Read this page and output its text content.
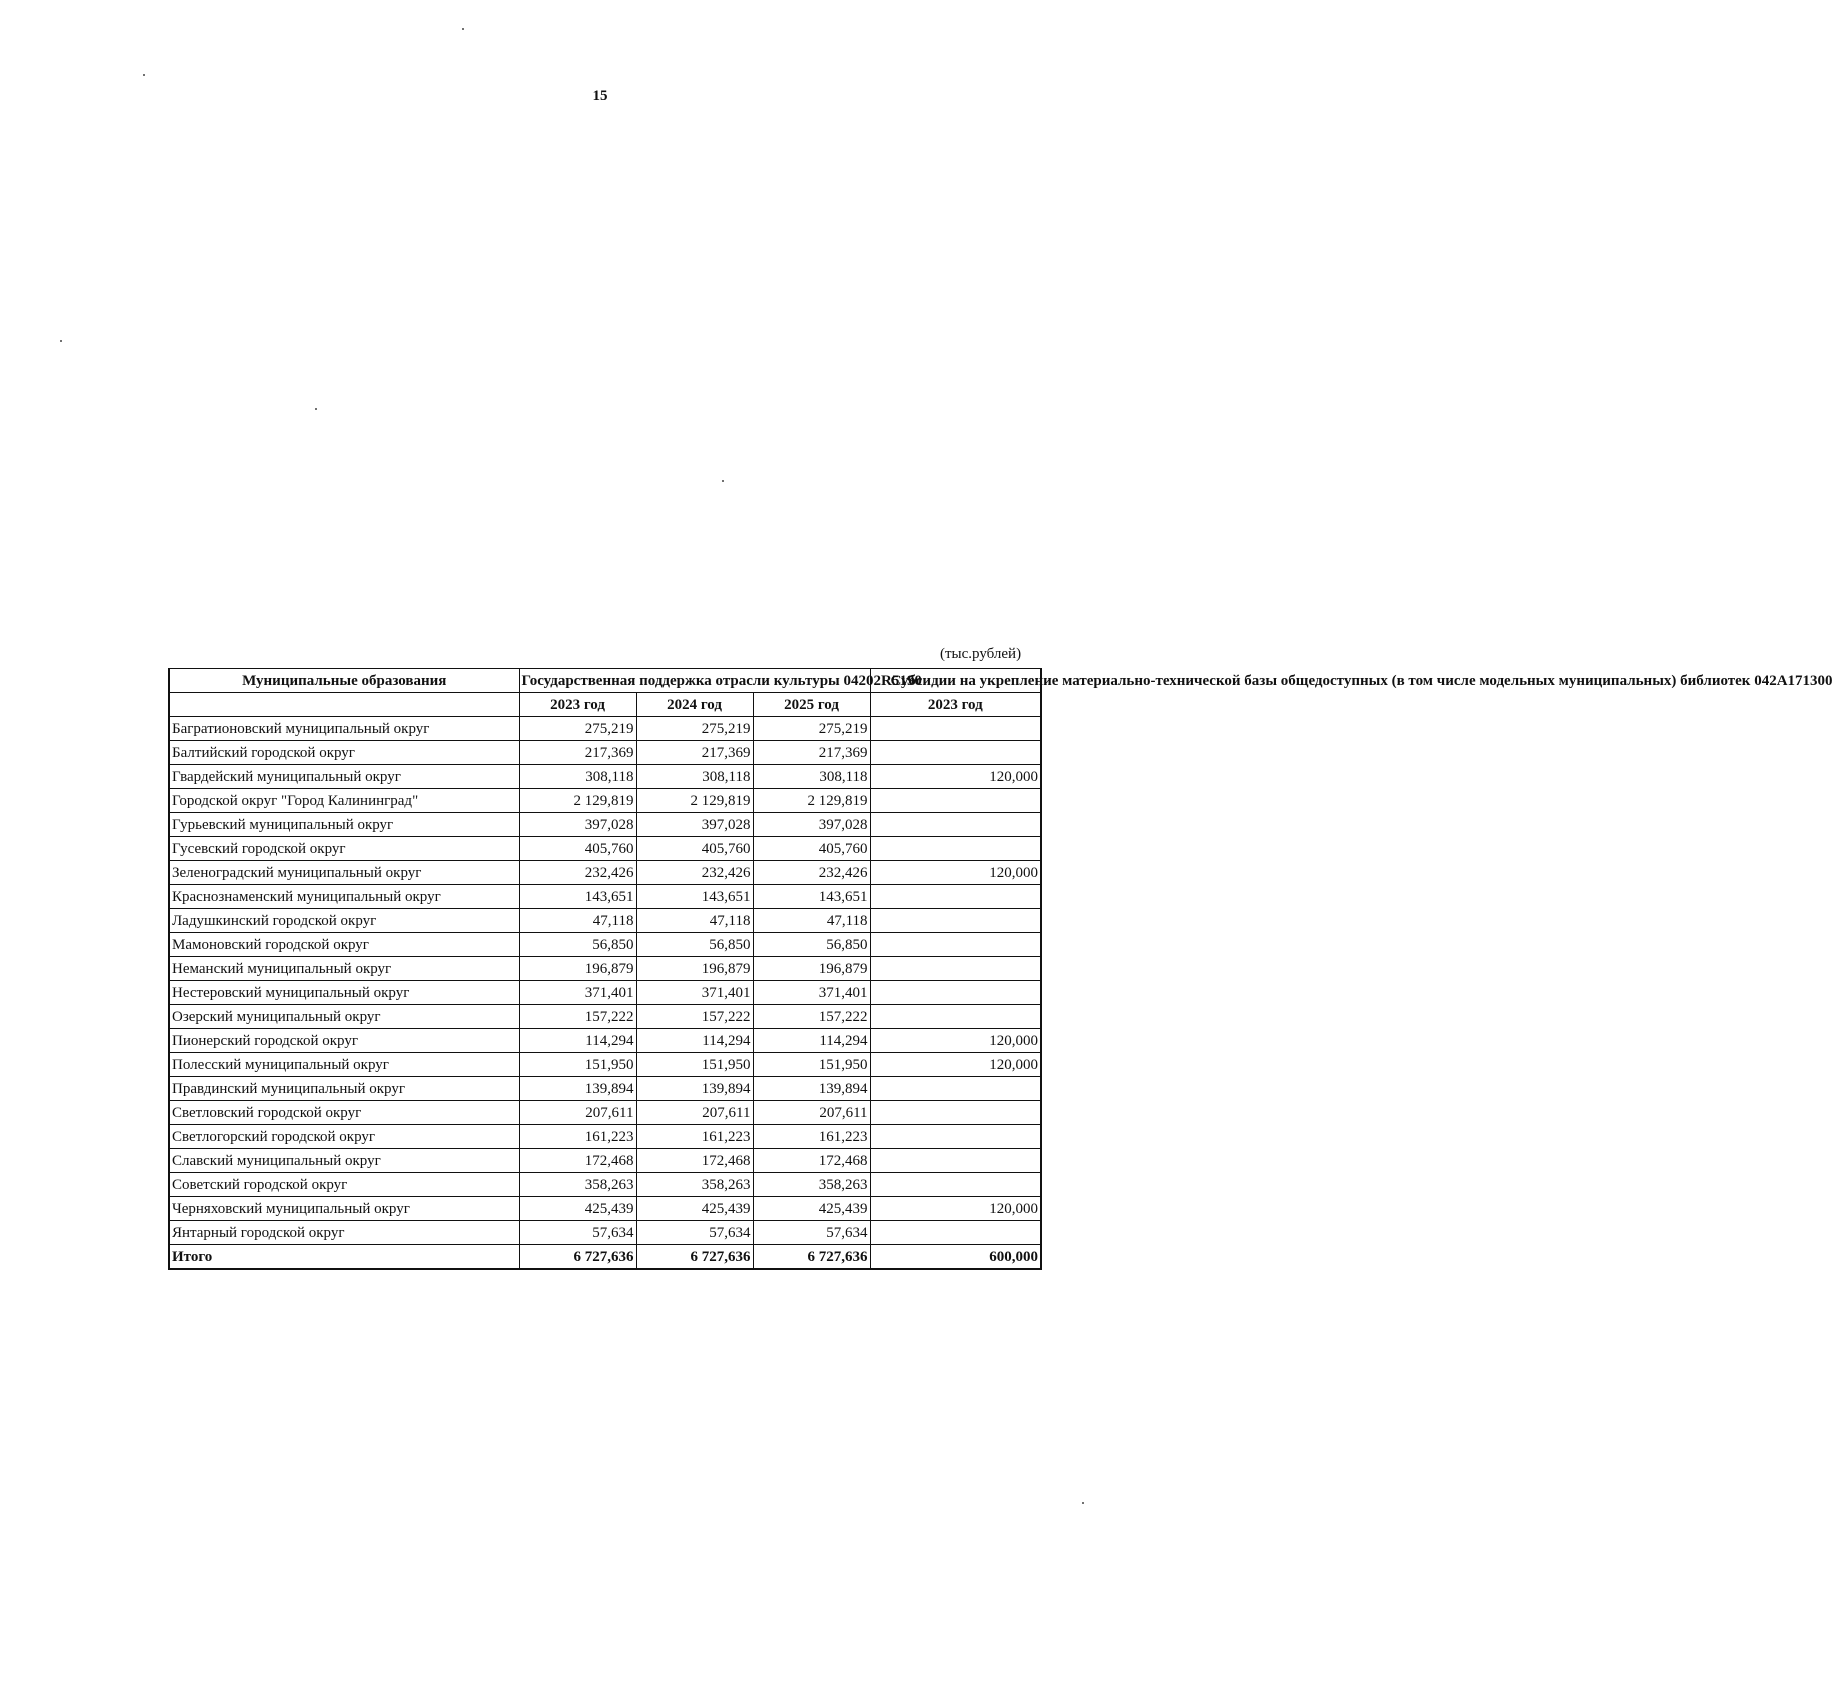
15
(тыс.рублей)
Муниципальные образования	Государственная поддержка отрасли культуры 04202R5190			Субсидии на укрепление материально-технической базы общедоступных (в том числе модельных муниципальных) библиотек 042А171300
	2023 год	2024 год	2025 год	2023 год
Багратионовский муниципальный округ	275,219	275,219	275,219	
Балтийский городской округ	217,369	217,369	217,369	
Гвардейский муниципальный округ	308,118	308,118	308,118	120,000
Городской округ "Город Калининград"	2 129,819	2 129,819	2 129,819	
Гурьевский муниципальный округ	397,028	397,028	397,028	
Гусевский городской округ	405,760	405,760	405,760	
Зеленоградский муниципальный округ	232,426	232,426	232,426	120,000
Краснознаменский муниципальный округ	143,651	143,651	143,651	
Ладушкинский городской округ	47,118	47,118	47,118	
Мамоновский городской округ	56,850	56,850	56,850	
Неманский муниципальный округ	196,879	196,879	196,879	
Нестеровский муниципальный округ	371,401	371,401	371,401	
Озерский муниципальный округ	157,222	157,222	157,222	
Пионерский городской округ	114,294	114,294	114,294	120,000
Полесский муниципальный округ	151,950	151,950	151,950	120,000
Правдинский муниципальный округ	139,894	139,894	139,894	
Светловский городской округ	207,611	207,611	207,611	
Светлогорский городской округ	161,223	161,223	161,223	
Славский муниципальный округ	172,468	172,468	172,468	
Советский городской округ	358,263	358,263	358,263	
Черняховский муниципальный округ	425,439	425,439	425,439	120,000
Янтарный городской округ	57,634	57,634	57,634	
Итого	6 727,636	6 727,636	6 727,636	600,000
